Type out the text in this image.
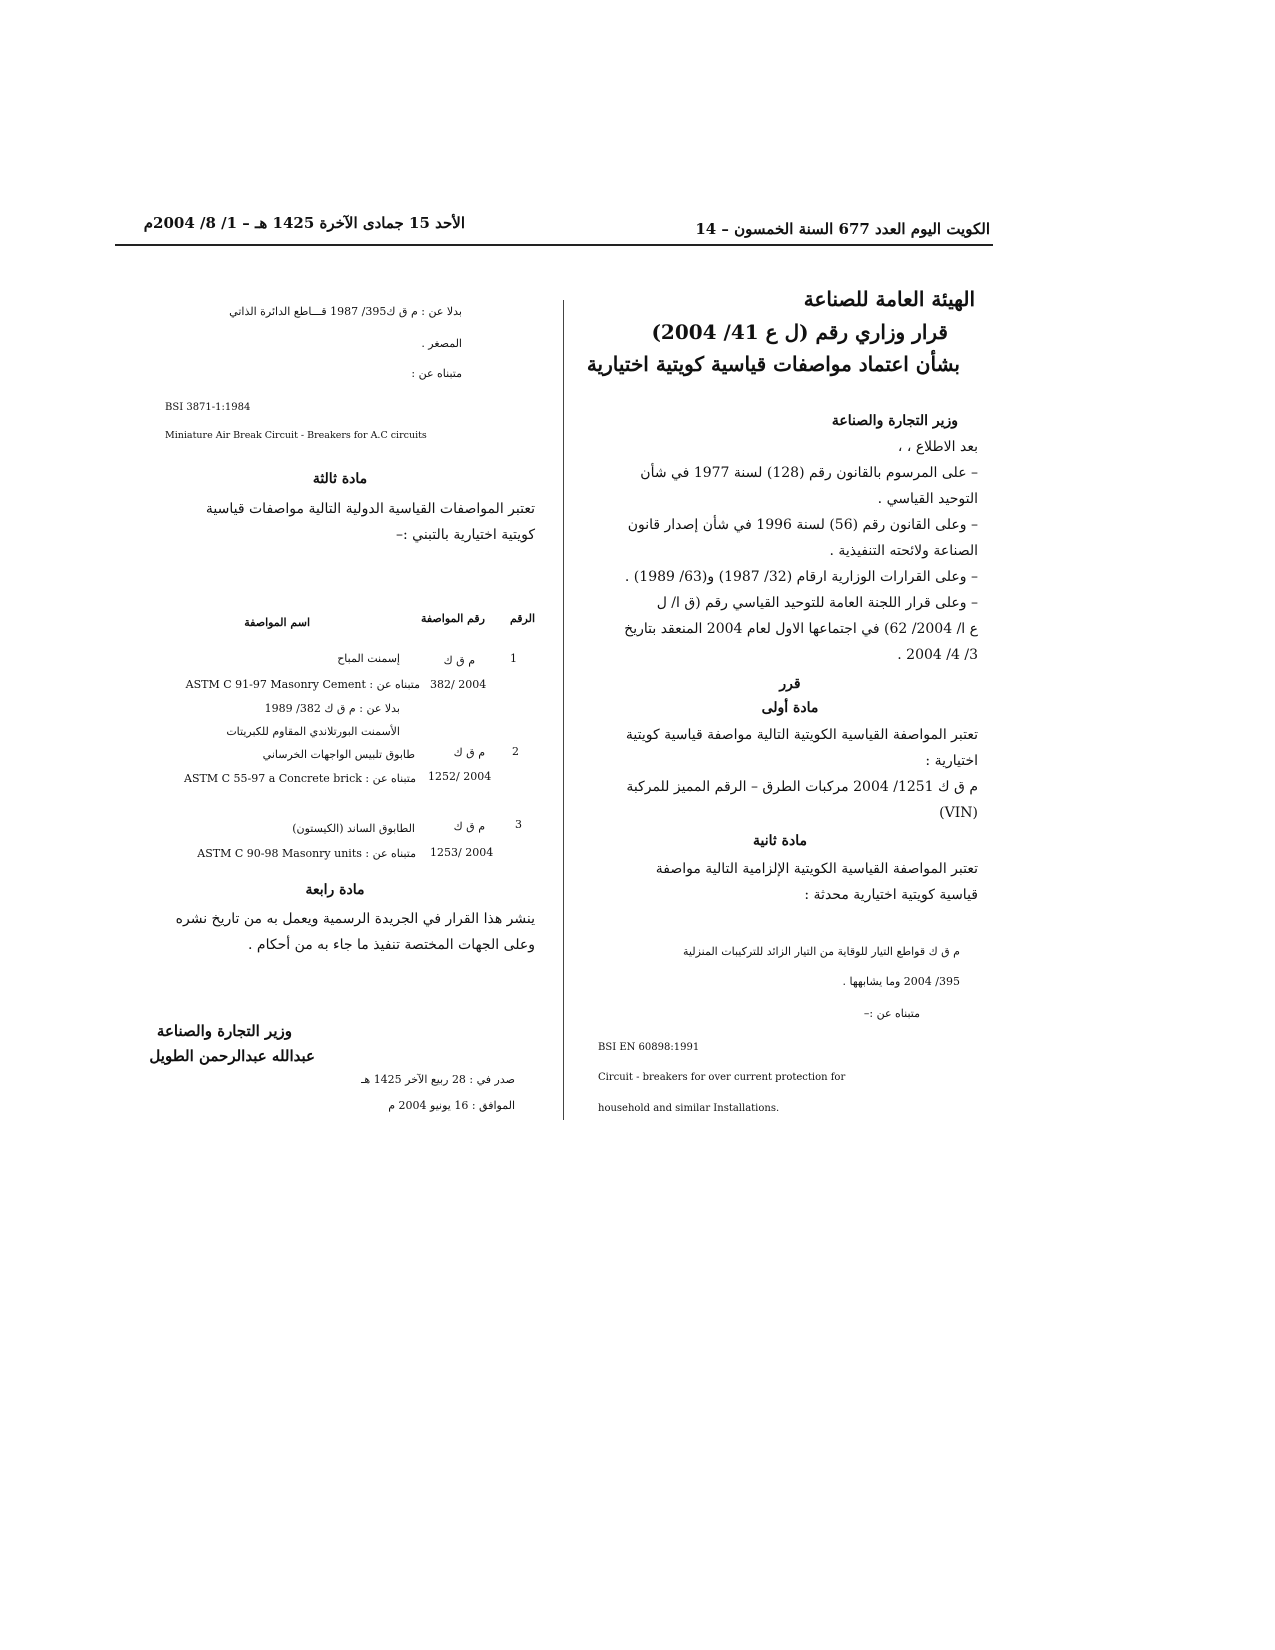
الكويت اليوم العدد 677 السنة الخمسون – 14
الأحد 15 جمادى الآخرة 1425 هـ – 1/ 8/ 2004م
الهيئة العامة للصناعة
قرار وزاري رقم (ل ع 41/ 2004)
بشأن اعتماد مواصفات قياسية كويتية اختيارية
وزير التجارة والصناعة
بعد الاطلاع ، ،
– على المرسوم بالقانون رقم (128) لسنة 1977 في شأن
التوحيد القياسي .
– وعلى القانون رقم (56) لسنة 1996 في شأن إصدار قانون
الصناعة ولائحته التنفيذية .
– وعلى القرارات الوزارية ارقام (32/ 1987) و(63/ 1989) .
– وعلى قرار اللجنة العامة للتوحيد القياسي رقم (ق ا/ ل
ع ا/ 2004/ 62) في اجتماعها الاول لعام 2004 المنعقد بتاريخ
3/ 4/ 2004 .
قرر
مادة أولى
تعتبر المواصفة القياسية الكويتية التالية مواصفة قياسية كويتية
اختيارية :
م ق ك 1251/ 2004 مركبات الطرق – الرقم المميز للمركبة
(VIN)
مادة ثانية
تعتبر المواصفة القياسية الكويتية الإلزامية التالية مواصفة
قياسية كويتية اختيارية محدثة :
م ق ك قواطع التيار للوقاية من التيار الزائد للتركيبات المنزلية
395/ 2004 وما يشابهها .
متبناه عن :–
BSI EN 60898:1991
Circuit - breakers for over current protection for
household and similar Installations.
بدلا عن : م ق ك395/ 1987 قـــاطع الدائرة الذاتي
المصغر .
متبناه عن :
BSI 3871-1:1984
Miniature Air Break Circuit - Breakers for A.C circuits
مادة ثالثة
تعتبر المواصفات القياسية الدولية التالية مواصفات قياسية
كويتية اختيارية بالتبني :–
الرقم
رقم المواصفة
اسم المواصفة
1
م ق ك
382/ 2004
إسمنت المباح
متبناه عن : ASTM C 91-97 Masonry Cement
بدلا عن : م ق ك 382/ 1989
الأسمنت البورتلاندي المقاوم للكبريتات
2
م ق ك
1252/ 2004
طابوق تلبيس الواجهات الخرساني
متبناه عن : ASTM C 55-97 a Concrete brick
3
م ق ك
1253/ 2004
الطابوق الساند (الكيستون)
متبناه عن : ASTM C 90-98 Masonry units
مادة رابعة
ينشر هذا القرار في الجريدة الرسمية ويعمل به من تاريخ نشره
وعلى الجهات المختصة تنفيذ ما جاء به من أحكام .
وزير التجارة والصناعة
عبدالله عبدالرحمن الطويل
صدر في : 28 ربيع الآخر 1425 هـ
الموافق : 16 يونيو 2004 م
